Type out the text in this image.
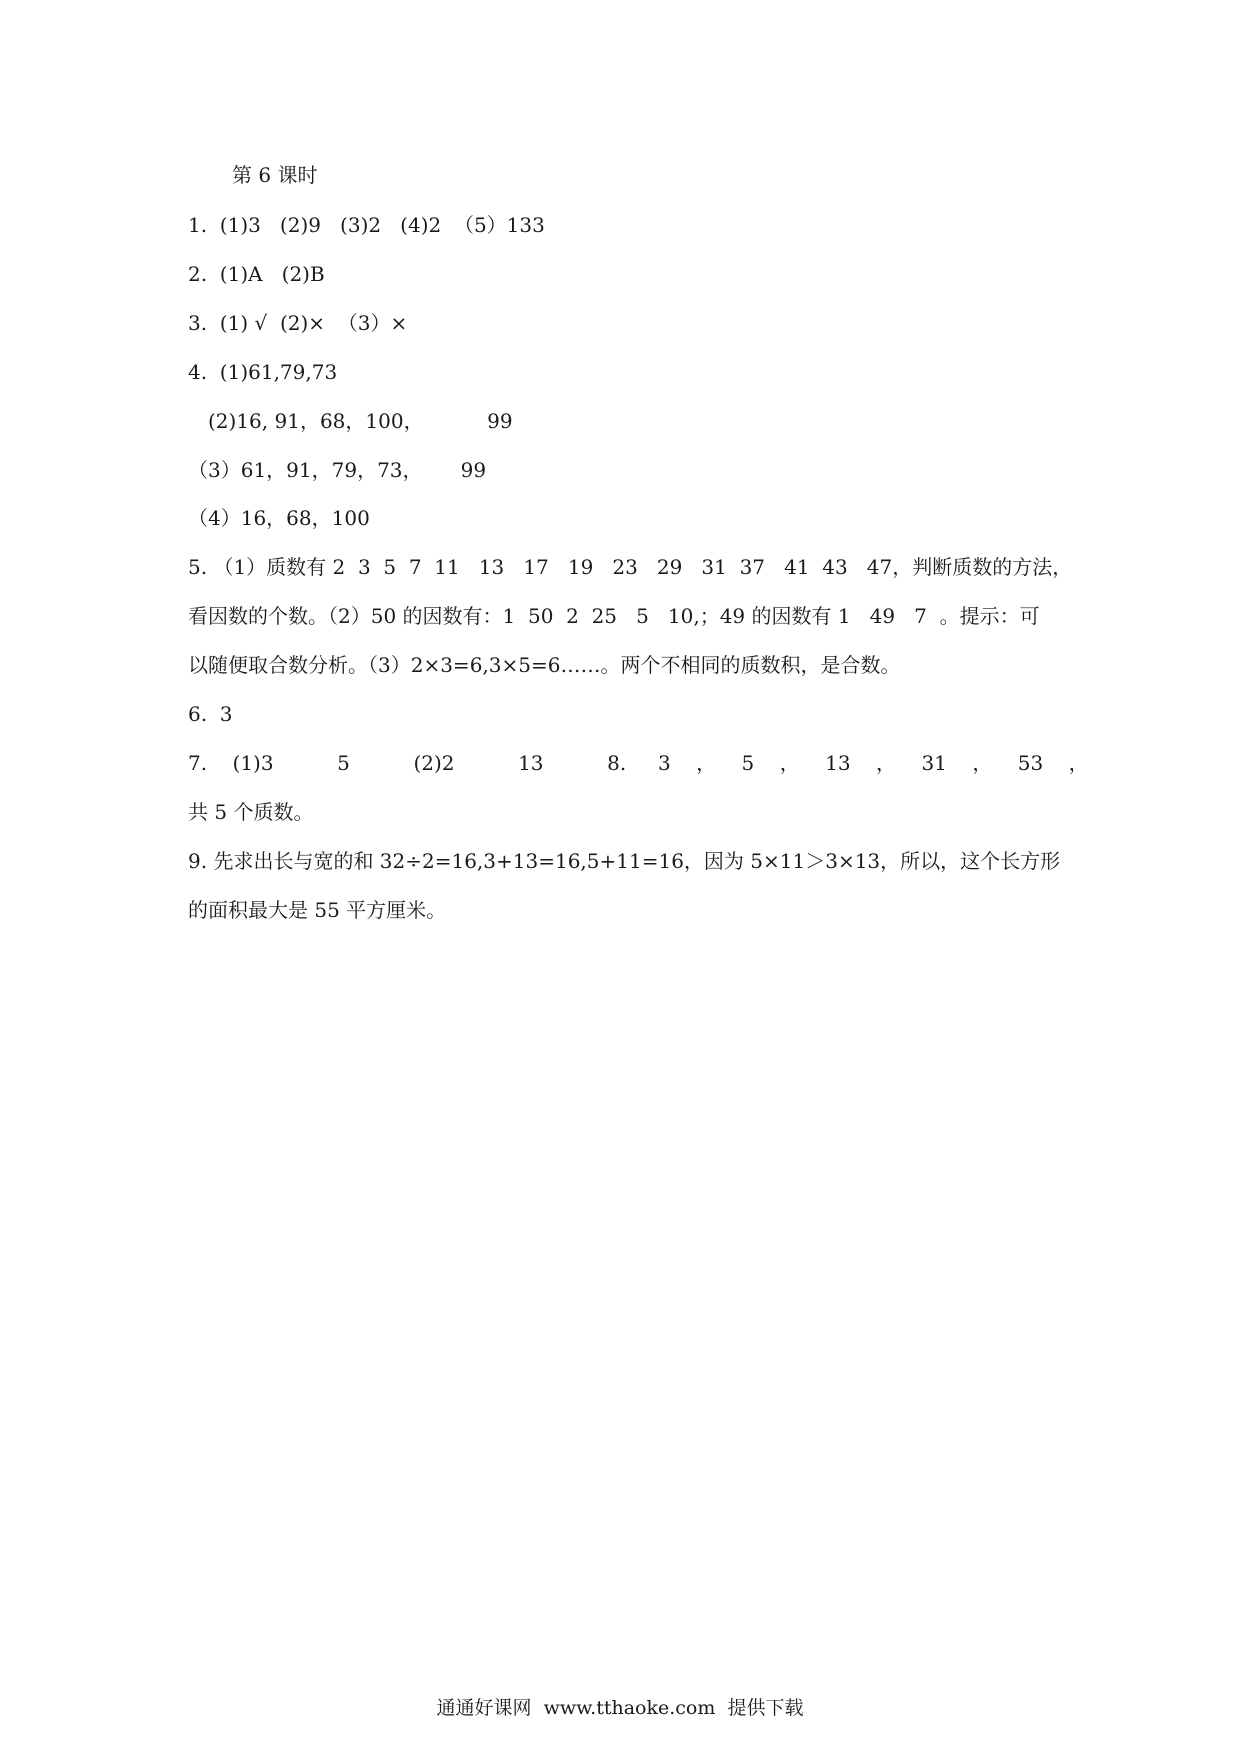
第 6 课时
1.  (1)3   (2)9   (3)2   (4)2  （5）133
2.  (1)A   (2)B
3.  (1) √  (2)×  （3）×
4.  (1)61,79,73
(2)16, 91，68，100，          99
（3）61，91，79，73，      99
（4）16，68，100
5. （1）质数有 2  3  5  7  11   13   17   19   23   29   31  37   41  43   47，判断质数的方法，
看因数的个数。（2）50 的因数有：1  50  2  25   5   10,；49 的因数有 1   49   7  。提示：可
以随便取合数分析。（3）2×3=6,3×5=6……。两个不相同的质数积，是合数。
6.  3
7.    (1)3          5          (2)2          13          8.     3    ，    5    ，    13    ，    31    ，    53    ，
共 5 个质数。
9. 先求出长与宽的和 32÷2=16,3+13=16,5+11=16，因为 5×11＞3×13，所以，这个长方形
的面积最大是 55 平方厘米。
通通好课网  www.tthaoke.com  提供下载
